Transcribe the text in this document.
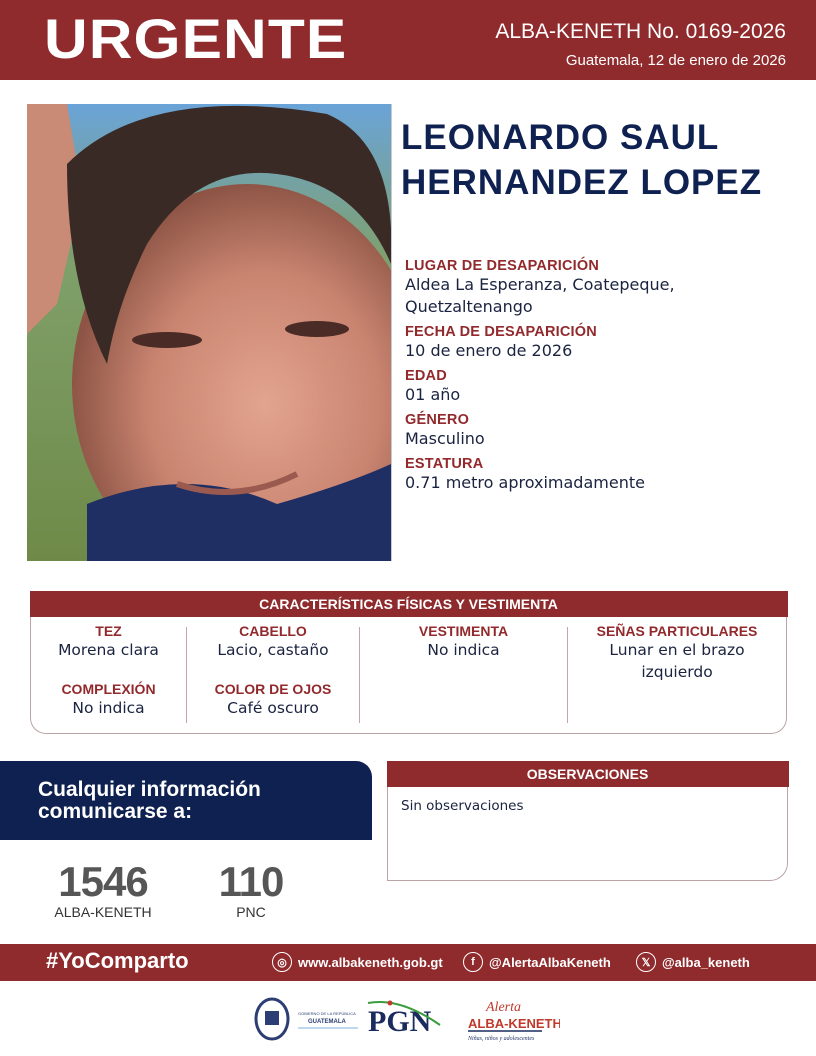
URGENTE	ALBA-KENETH No. 0169-2026
Guatemala, 12 de enero de 2026
LEONARDO SAUL
HERNANDEZ LOPEZ
LUGAR DE DESAPARICIÓN
Aldea La Esperanza, Coatepeque,
Quetzaltenango
FECHA DE DESAPARICIÓN
10 de enero de 2026
EDAD
01 año
GÉNERO
Masculino
ESTATURA
0.71 metro aproximadamente
CARACTERÍSTICAS FÍSICAS Y VESTIMENTA
TEZ
Morena clara
COMPLEXIÓN
No indica
CABELLO
Lacio, castaño
COLOR DE OJOS
Café oscuro
VESTIMENTA
No indica
SEÑAS PARTICULARES
Lunar en el brazo
izquierdo
Cualquier información
comunicarse a:
1546
ALBA-KENETH
110
PNC
OBSERVACIONES
Sin observaciones
#YoComparto	◎ www.albakeneth.gob.gt	f	@AlertaAlbaKeneth	𝕏 @alba_keneth
GOBIERNO DE LA REPÚBLICA
GUATEMALA PGN	Alerta
ALBA-KENETH
Niñas, niños y adolescentes
